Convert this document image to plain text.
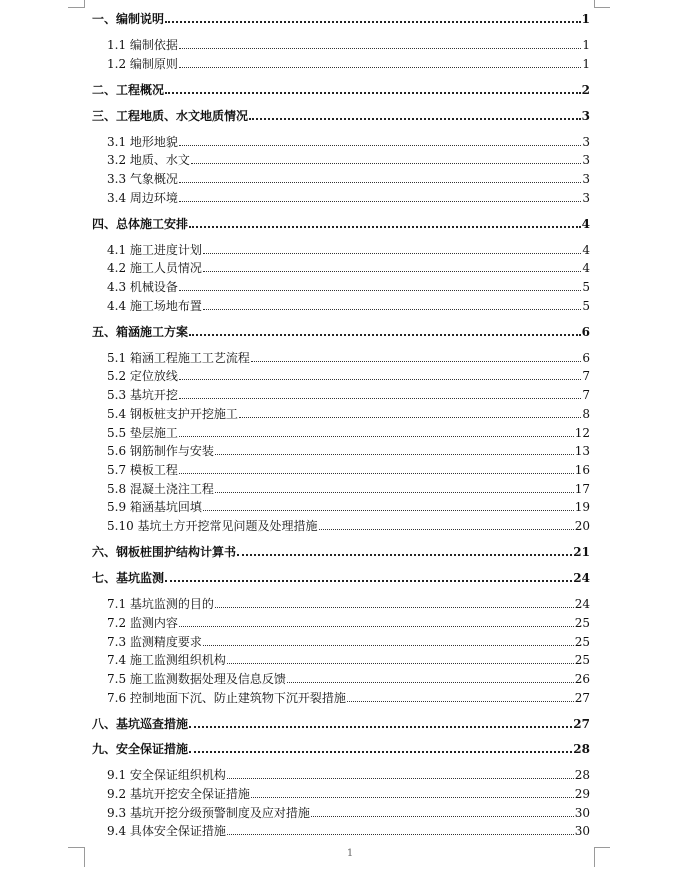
一、编制说明	1
1.1 编制依据	1
1.2 编制原则	1
二、工程概况	2
三、工程地质、水文地质情况	3
3.1 地形地貌	3
3.2 地质、水文	3
3.3 气象概况	3
3.4 周边环境	3
四、总体施工安排	4
4.1 施工进度计划	4
4.2 施工人员情况	4
4.3 机械设备	5
4.4 施工场地布置	5
五、箱涵施工方案	6
5.1 箱涵工程施工工艺流程	6
5.2 定位放线	7
5.3 基坑开挖	7
5.4 钢板桩支护开挖施工	8
5.5 垫层施工	12
5.6 钢筋制作与安装	13
5.7 模板工程	16
5.8 混凝土浇注工程	17
5.9 箱涵基坑回填	19
5.10 基坑土方开挖常见问题及处理措施	20
六、钢板桩围护结构计算书	21
七、基坑监测	24
7.1 基坑监测的目的	24
7.2 监测内容	25
7.3 监测精度要求	25
7.4 施工监测组织机构	25
7.5 施工监测数据处理及信息反馈	26
7.6 控制地面下沉、防止建筑物下沉开裂措施	27
八、基坑巡查措施	27
九、安全保证措施	28
9.1 安全保证组织机构	28
9.2 基坑开挖安全保证措施	29
9.3 基坑开挖分级预警制度及应对措施	30
9.4 具体安全保证措施	30
1
